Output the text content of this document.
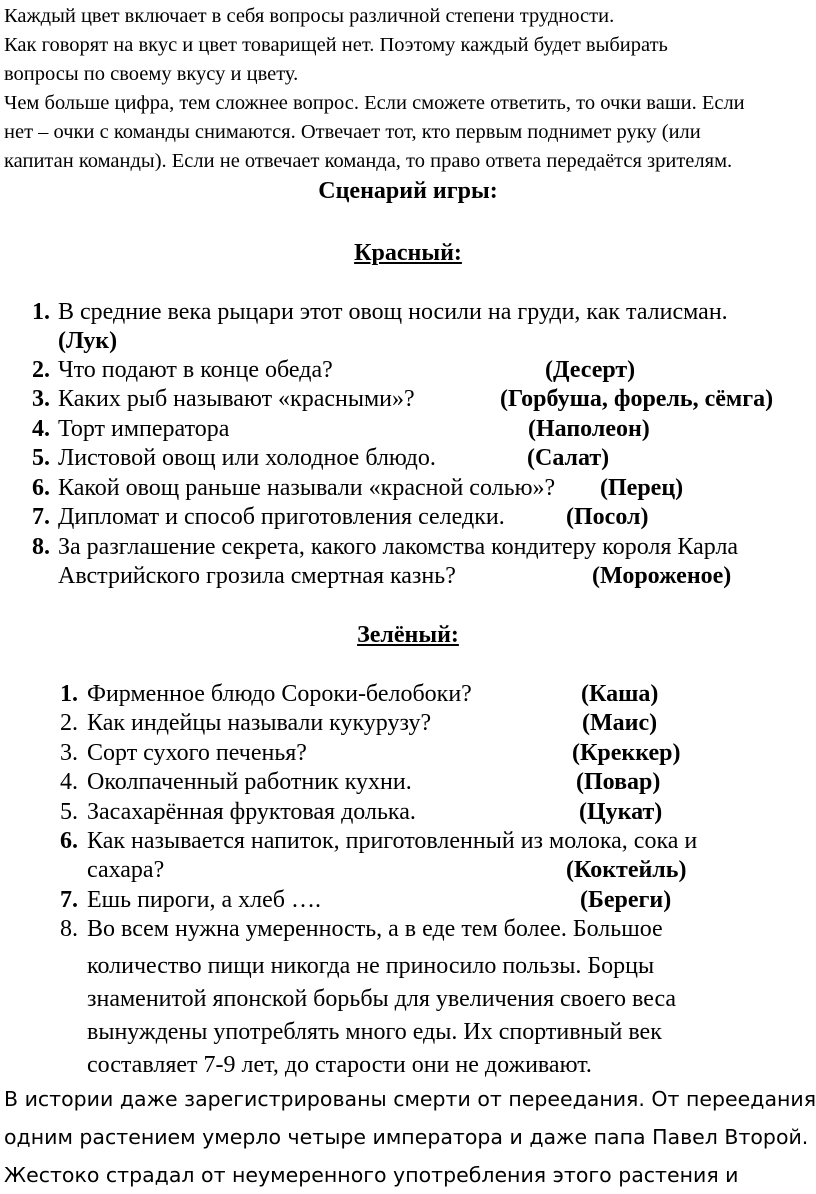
Каждый цвет включает в себя вопросы различной степени трудности.

Как говорят на вкус и цвет товарищей нет. Поэтому каждый будет выбирать

вопросы по своему вкусу и цвету.

Чем больше цифра, тем сложнее вопрос. Если сможете ответить, то очки ваши. Если

нет – очки с команды снимаются. Отвечает тот, кто первым поднимет руку (или

капитан команды). Если не отвечает команда, то право ответа передаётся зрителям.

Сценарий игры:
Красный:
1. В средние века рыцари этот овощ носили на груди, как талисман.
(Лук)
2. Что подают в конце обеда?	(Десерт)
3. Каких рыб называют «красными»?	(Горбуша, форель, сёмга)
4. Торт императора	(Наполеон)
5. Листовой овощ или холодное блюдо.	(Салат)
6. Какой овощ раньше называли «красной солью»? (Перец)
7. Дипломат и способ приготовления селедки.	(Посол)
8. За разглашение секрета, какого лакомства кондитеру короля Карла
Австрийского грозила смертная казнь?	(Мороженое)
Зелёный:
1. Фирменное блюдо Сороки-белобоки?	(Каша)
2. Как индейцы называли кукурузу?	(Маис)
3. Сорт сухого печенья?	(Креккер)
4. Околпаченный работник кухни.	(Повар)
5. Засахарённая фруктовая долька.	(Цукат)
6. Как называется напиток, приготовленный из молока, сока и
сахара?	(Коктейль)
7. Ешь пироги, а хлеб ….	(Береги)
8. Во всем нужна умеренность, а в еде тем более. Большое
количество пищи никогда не приносило пользы. Борцы
знаменитой японской борьбы для увеличения своего веса
вынуждены употреблять много еды. Их спортивный век
составляет 7-9 лет, до старости они не доживают.

В истории даже зарегистрированы смерти от переедания. От переедания

одним растением умерло четыре императора и даже папа Павел Второй.

Жестоко страдал от неумеренного употребления этого растения и
